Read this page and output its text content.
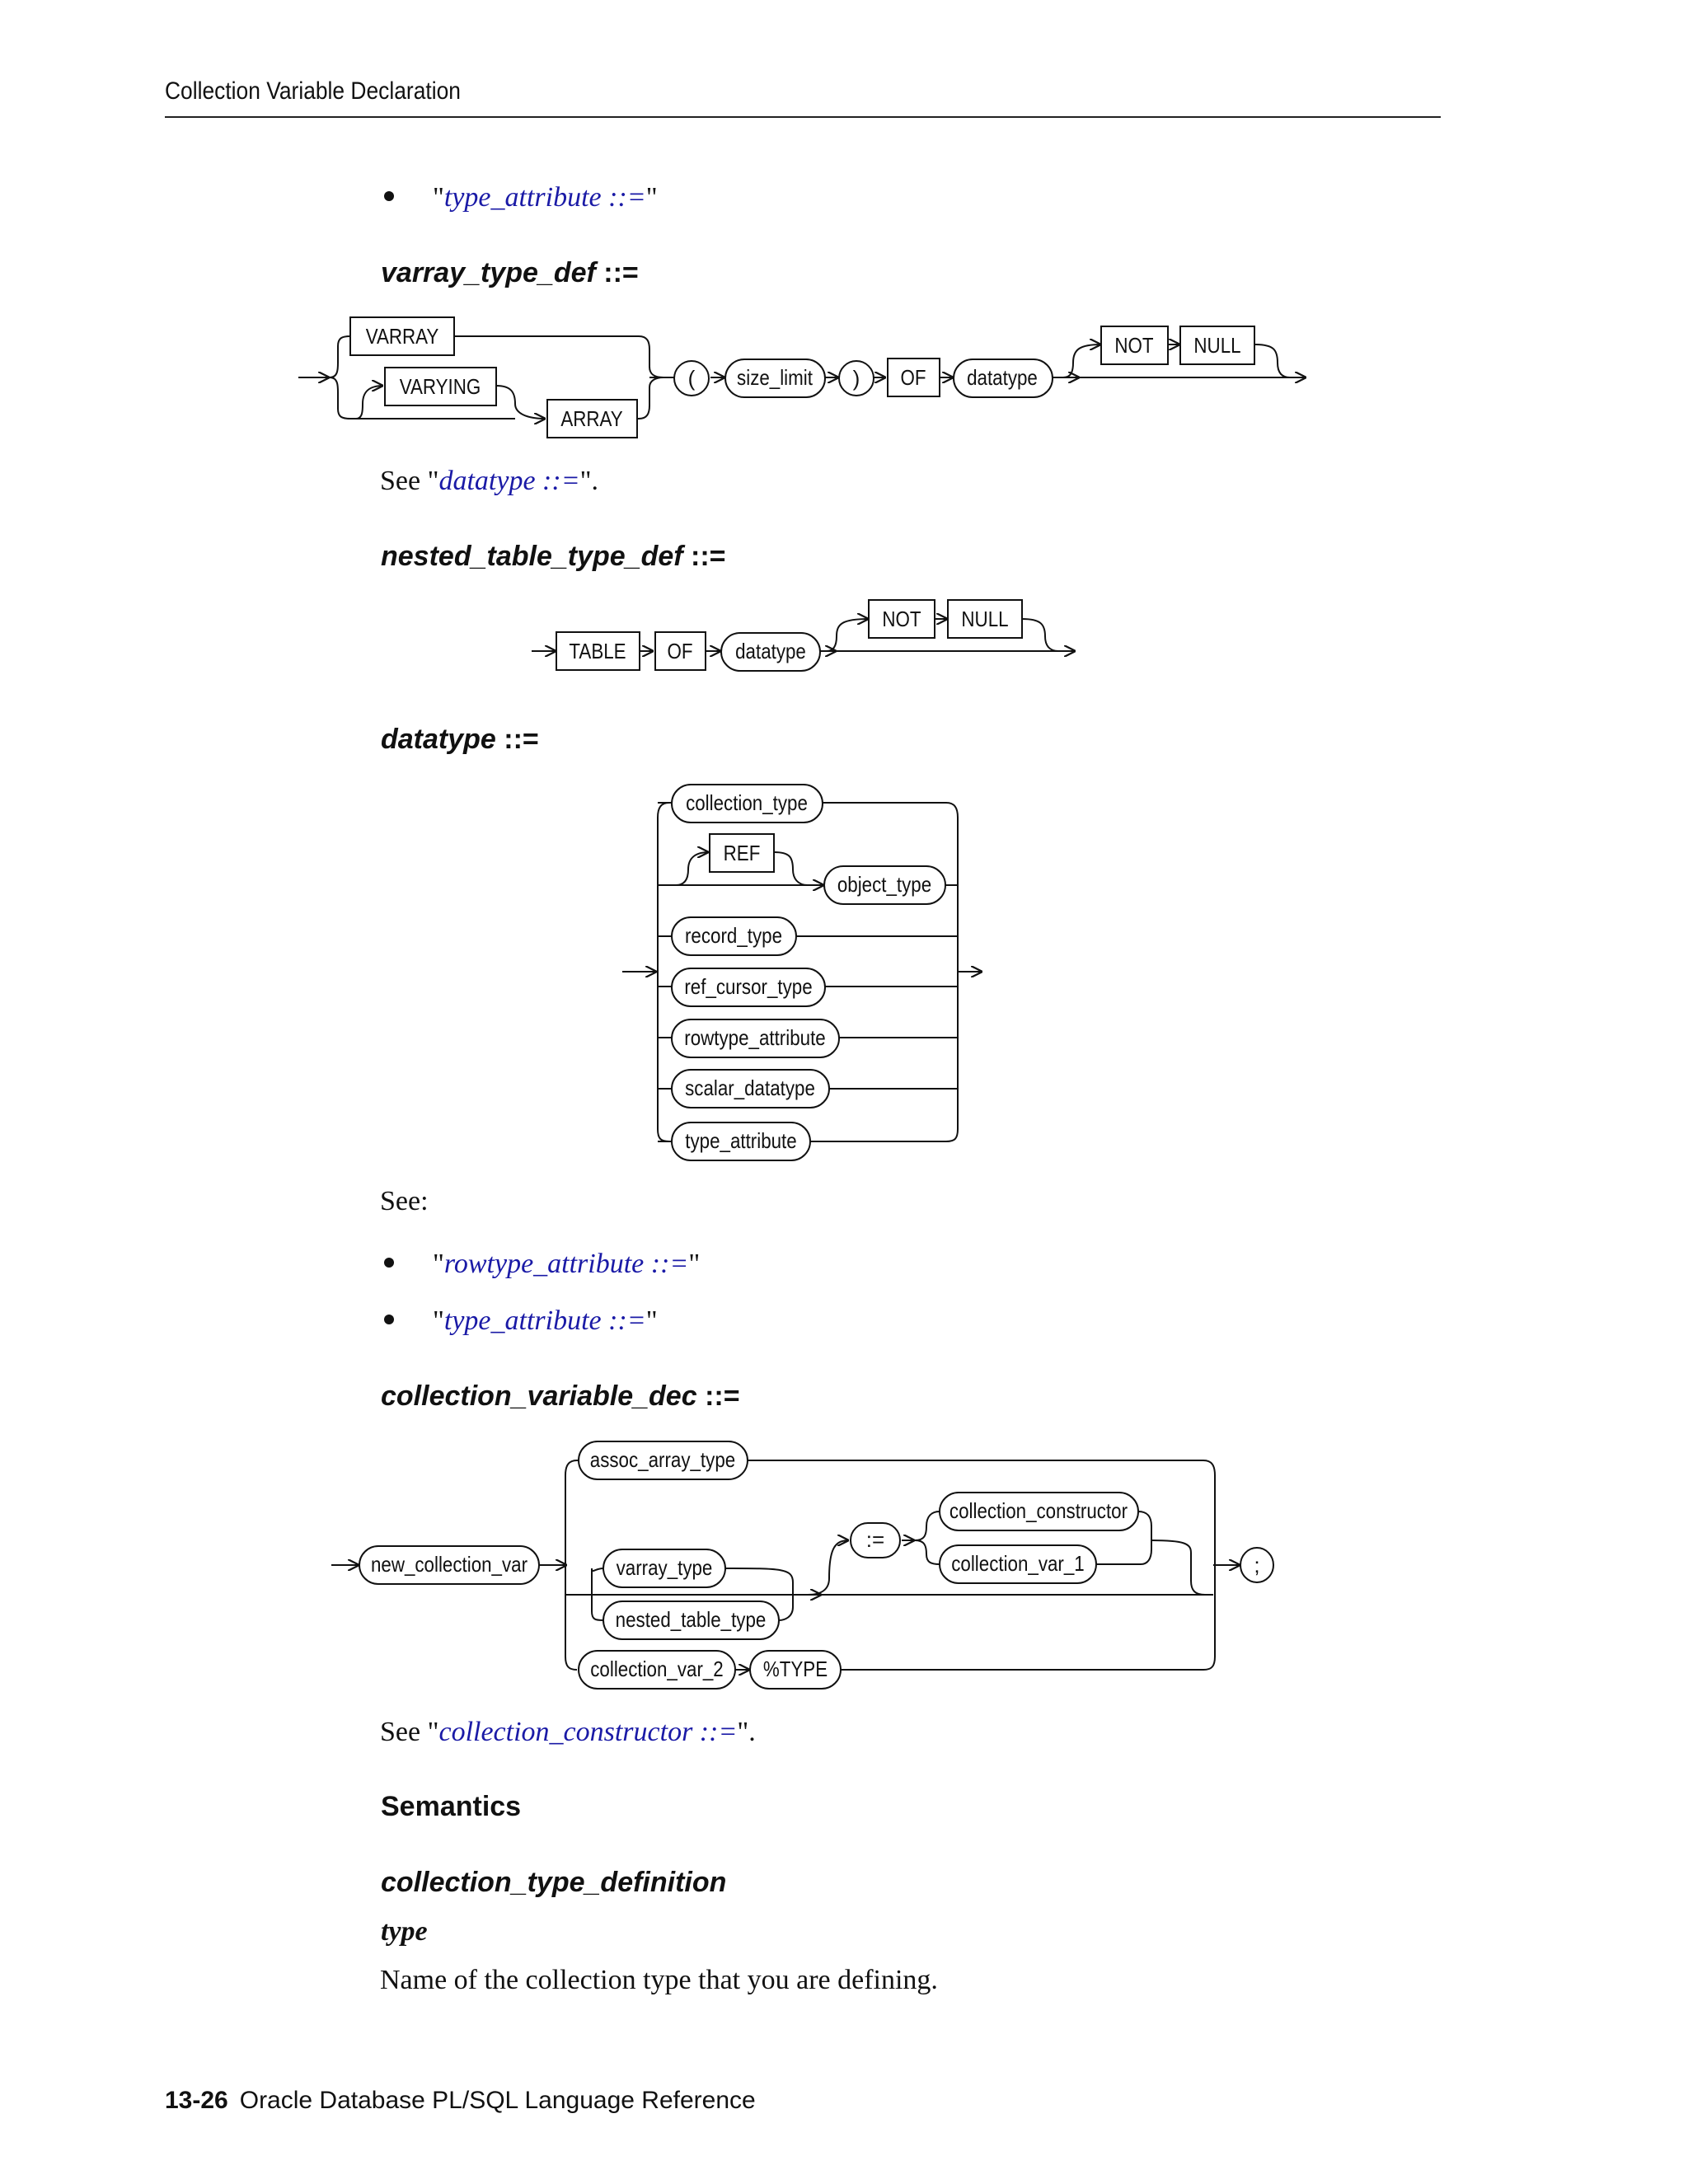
Collection Variable Declaration
"type_attribute ::="
varray_type_def ::=
VARRAY
VARYING
ARRAY
( size_limit ) OF datatype
NOT NULL
See "datatype ::=".
nested_table_type_def ::=
TABLE OF datatype
NOT NULL
datatype ::=
collection_type
REF
object_type
record_type
ref_cursor_type
rowtype_attribute
scalar_datatype
type_attribute
See:
"rowtype_attribute ::="
"type_attribute ::="
collection_variable_dec ::=
new_collection_var
assoc_array_type
varray_type
nested_table_type
:=
collection_constructor
collection_var_1
collection_var_2 %TYPE
;
See "collection_constructor ::=".
Semantics
collection_type_definition
type
Name of the collection type that you are defining.
13-26 Oracle Database PL/SQL Language Reference
